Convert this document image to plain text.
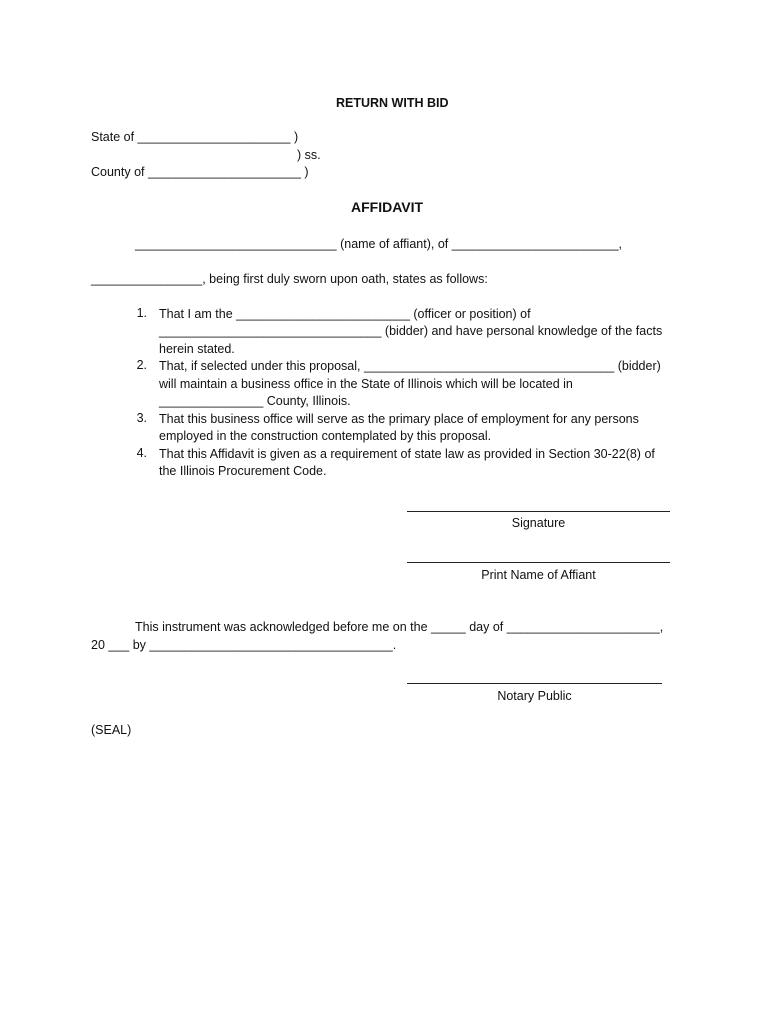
RETURN WITH BID
State of ______________________ )
) ss.
County of ______________________ )
AFFIDAVIT
_____________________________ (name of affiant), of ________________________,
________________, being first duly sworn upon oath, states as follows:
1. That I am the _________________________ (officer or position) of
________________________________ (bidder) and have personal knowledge of the facts
herein stated.
2. That, if selected under this proposal, ____________________________________ (bidder)
will maintain a business office in the State of Illinois which will be located in
_______________ County, Illinois.
3. That this business office will serve as the primary place of employment for any persons
employed in the construction contemplated by this proposal.
4. That this Affidavit is given as a requirement of state law as provided in Section 30-22(8) of
the Illinois Procurement Code.
Signature
Print Name of Affiant
This instrument was acknowledged before me on the _____ day of ______________________,
20 ___ by ___________________________________.
Notary Public
(SEAL)
